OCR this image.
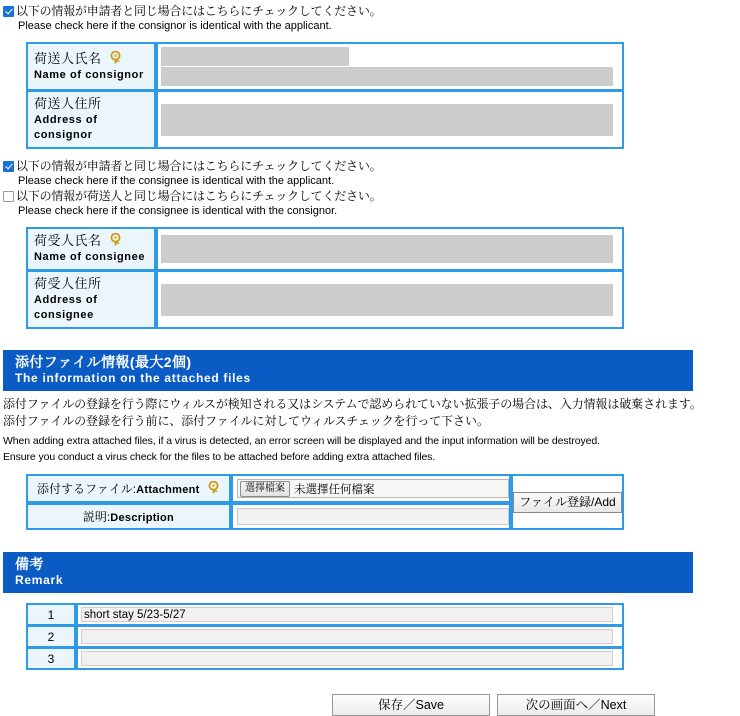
以下の情報が申請者と同じ場合にはこちらにチェックしてください。
Please check here if the consignor is identical with the applicant.
荷送人氏名
Name of consignor	

荷送人住所
Address of consignor	

以下の情報が申請者と同じ場合にはこちらにチェックしてください。
Please check here if the consignee is identical with the applicant.
以下の情報が荷送人と同じ場合にはこちらにチェックしてください。
Please check here if the consignee is identical with the consignor.
荷受人氏名
Name of consignee	

荷受人住所
Address of consignee	

添付ファイル情報(最大2個)
The information on the attached files
添付ファイルの登録を行う際にウィルスが検知される又はシステムで認められていない拡張子の場合は、入力情報は破棄されます。
添付ファイルの登録を行う前に、添付ファイルに対してウィルスチェックを行って下さい。
When adding extra attached files, if a virus is detected, an error screen will be displayed and the input information will be destroyed.
Ensure you conduct a virus check for the files to be attached before adding extra attached files.
添付するファイル:Attachment	選擇檔案 未選擇任何檔案	ファイル登録/Add
説明:Description		
備考
Remark
1	short stay 5/23-5/27

2	

3	
保存／Save	次の画面へ／Next
